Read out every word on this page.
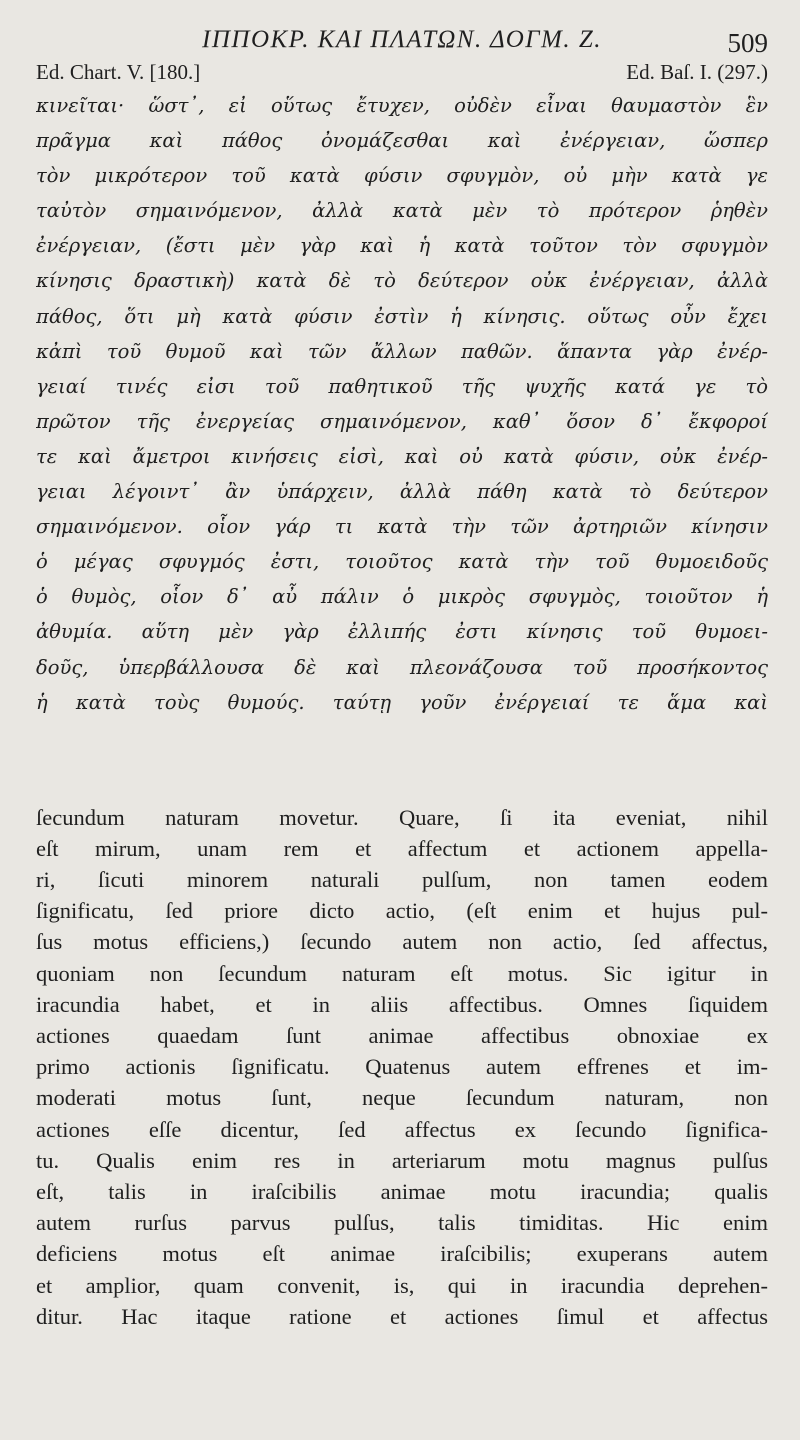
ΙΠΠΟΚΡ. ΚΑΙ ΠΛΑΤΩΝ. ΔΟΓΜ. Ζ.	509
Ed. Chart. V. [180.]	Ed. Baſ. I. (297.)
κινεῖται· ὥστ᾽, εἰ οὕτως ἔτυχεν, οὐδὲν εἶναι θαυμαστὸν ἓν
πρᾶγμα καὶ πάθος ὀνομάζεσθαι καὶ ἐνέργειαν, ὥσπερ
τὸν μικρότερον τοῦ κατὰ φύσιν σφυγμὸν, οὐ μὴν κατὰ γε
ταὐτὸν σημαινόμενον, ἀλλὰ κατὰ μὲν τὸ πρότερον ῥηθὲν
ἐνέργειαν, (ἔστι μὲν γὰρ καὶ ἡ κατὰ τοῦτον τὸν σφυγμὸν
κίνησις δραστικὴ) κατὰ δὲ τὸ δεύτερον οὐκ ἐνέργειαν, ἀλλὰ
πάθος, ὅτι μὴ κατὰ φύσιν ἐστὶν ἡ κίνησις. οὕτως οὖν ἔχει
κἀπὶ τοῦ θυμοῦ καὶ τῶν ἄλλων παθῶν. ἅπαντα γὰρ ἐνέρ-
γειαί τινές εἰσι τοῦ παθητικοῦ τῆς ψυχῆς κατά γε τὸ
πρῶτον τῆς ἐνεργείας σημαινόμενον, καθ᾽ ὅσον δ᾽ ἔκφοροί
τε καὶ ἄμετροι κινήσεις εἰσὶ, καὶ οὐ κατὰ φύσιν, οὐκ ἐνέρ-
γειαι λέγοιντ᾽ ἂν ὑπάρχειν, ἀλλὰ πάθη κατὰ τὸ δεύτερον
σημαινόμενον. οἷον γάρ τι κατὰ τὴν τῶν ἀρτηριῶν κίνησιν
ὁ μέγας σφυγμός ἐστι, τοιοῦτος κατὰ τὴν τοῦ θυμοειδοῦς
ὁ θυμὸς, οἷον δ᾽ αὖ πάλιν ὁ μικρὸς σφυγμὸς, τοιοῦτον ἡ
ἀθυμία. αὕτη μὲν γὰρ ἐλλιπής ἐστι κίνησις τοῦ θυμοει-
δοῦς, ὑπερβάλλουσα δὲ καὶ πλεονάζουσα τοῦ προσήκοντος
ἡ κατὰ τοὺς θυμούς. ταύτῃ γοῦν ἐνέργειαί τε ἅμα καὶ
ſecundum naturam movetur. Quare, ſi ita eveniat, nihil
eſt mirum, unam rem et affectum et actionem appella-
ri, ſicuti minorem naturali pulſum, non tamen eodem
ſignificatu, ſed priore dicto actio, (eſt enim et hujus pul-
ſus motus efficiens,) ſecundo autem non actio, ſed affectus,
quoniam non ſecundum naturam eſt motus. Sic igitur in
iracundia habet, et in aliis affectibus. Omnes ſiquidem
actiones quaedam ſunt animae affectibus obnoxiae ex
primo actionis ſignificatu. Quatenus autem effrenes et im-
moderati motus ſunt, neque ſecundum naturam, non
actiones eſſe dicentur, ſed affectus ex ſecundo ſignifica-
tu. Qualis enim res in arteriarum motu magnus pulſus
eſt, talis in iraſcibilis animae motu iracundia; qualis
autem rurſus parvus pulſus, talis timiditas. Hic enim
deficiens motus eſt animae iraſcibilis; exuperans autem
et amplior, quam convenit, is, qui in iracundia deprehen-
ditur. Hac itaque ratione et actiones ſimul et affectus
